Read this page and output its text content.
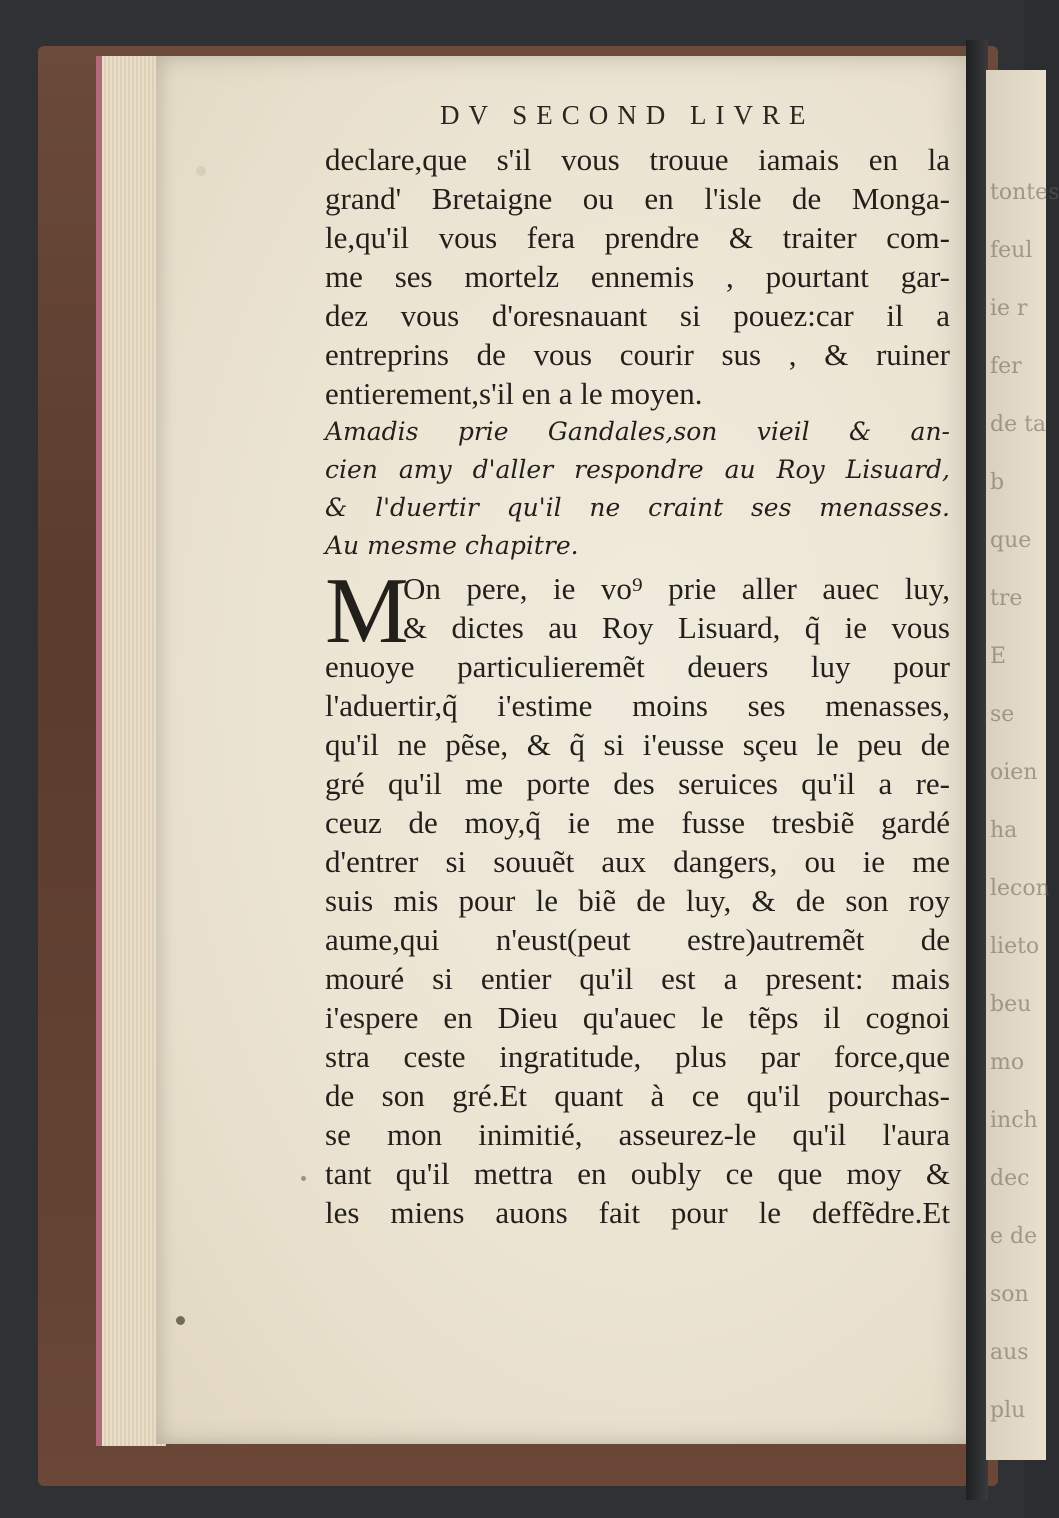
tontes
feul
ie r
fer
de ta
b
que
tre
E
se
oien
ha
lecon
lieto
beu
mo
inch
dec
e de
son
aus
plu
DV SECOND LIVRE
declare,que s'il vous trouue iamais en la
grand' Bretaigne ou en l'isle de Monga-
le,qu'il vous fera prendre & traiter com-
me ses mortelz ennemis , pourtant gar-
dez vous d'oresnauant si pouez:car il a
entreprins de vous courir sus , & ruiner
entierement,s'il en a le moyen.
Amadis prie Gandales,son vieil & an-
cien amy d'aller respondre au Roy Lisuard,
& l'duertir qu'il ne craint ses menasses.
Au mesme chapitre.
M
On pere, ie vo⁹ prie aller auec luy,
& dictes au Roy Lisuard, q̃ ie vous
enuoye particulieremẽt deuers luy pour
l'aduertir,q̃ i'estime moins ses menasses,
qu'il ne pẽse, & q̃ si i'eusse sçeu le peu de
gré qu'il me porte des seruices qu'il a re-
ceuz de moy,q̃ ie me fusse tresbiẽ gardé
d'entrer si souuẽt aux dangers, ou ie me
suis mis pour le biẽ de luy, & de son roy
aume,qui n'eust(peut estre)autremẽt de
mouré si entier qu'il est a present: mais
i'espere en Dieu qu'auec le tẽps il cognoi
stra ceste ingratitude, plus par force,que
de son gré.Et quant à ce qu'il pourchas-
se mon inimitié, asseurez-le qu'il l'aura
tant qu'il mettra en oubly ce que moy &
les miens auons fait pour le deffẽdre.Et
